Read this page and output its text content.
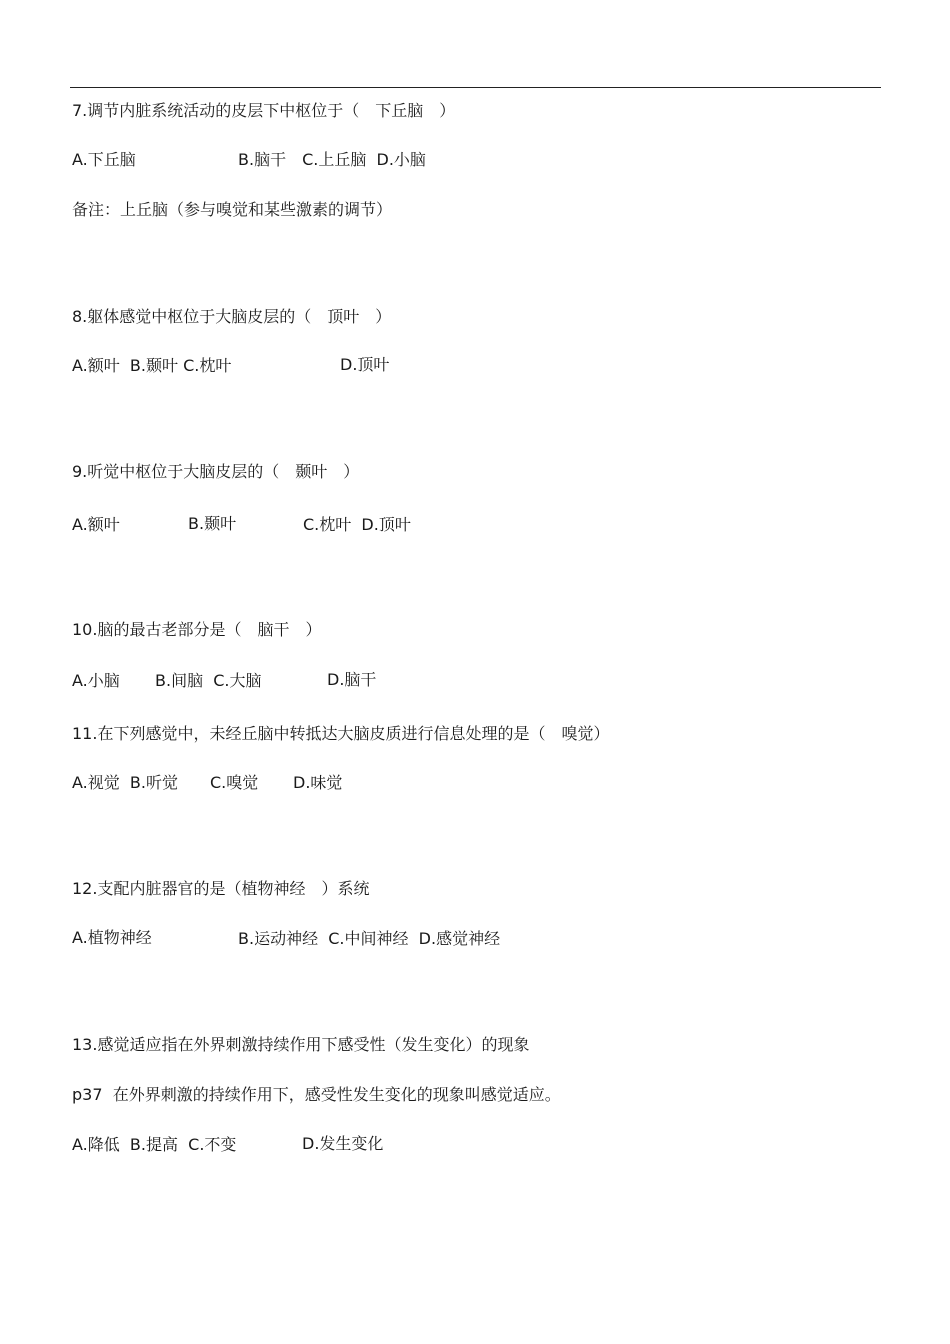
7.调节内脏系统活动的皮层下中枢位于（　下丘脑　）
A.下丘脑	B.脑干　C.上丘脑  D.小脑
备注：上丘脑（参与嗅觉和某些激素的调节）
8.躯体感觉中枢位于大脑皮层的（　顶叶　）
A.额叶  B.颞叶 C.枕叶	D.顶叶
9.听觉中枢位于大脑皮层的（　颞叶　）
A.额叶	B.颞叶	C.枕叶  D.顶叶
10.脑的最古老部分是（　脑干　）
A.小脑 B.间脑  C.大脑	D.脑干
11.在下列感觉中，未经丘脑中转抵达大脑皮质进行信息处理的是（　嗅觉）
A.视觉  B.听觉 C.嗅觉 D.味觉
12.支配内脏器官的是（植物神经　）系统
A.植物神经	B.运动神经  C.中间神经  D.感觉神经
13.感觉适应指在外界刺激持续作用下感受性（发生变化）的现象
p37  在外界刺激的持续作用下，感受性发生变化的现象叫感觉适应。
A.降低  B.提高  C.不变	D.发生变化
